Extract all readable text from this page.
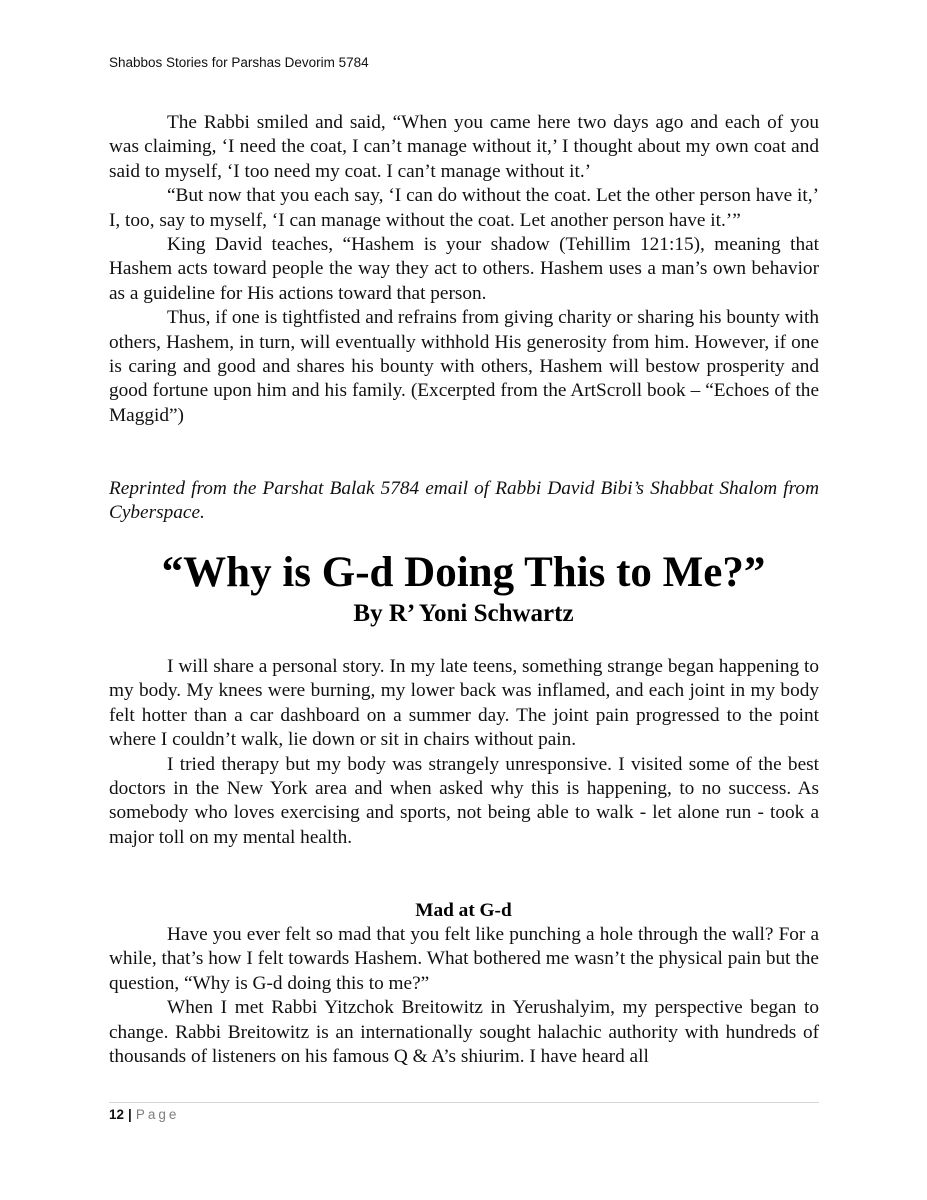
Shabbos Stories for Parshas Devorim 5784

The Rabbi smiled and said, “When you came here two days ago and each of you was claiming, ‘I need the coat, I can’t manage without it,’ I thought about my own coat and said to myself, ‘I too need my coat. I can’t manage without it.’

“But now that you each say, ‘I can do without the coat. Let the other person have it,’ I, too, say to myself, ‘I can manage without the coat. Let another person have it.’”

King David teaches, “Hashem is your shadow (Tehillim 121:15), meaning that Hashem acts toward people the way they act to others. Hashem uses a man’s own behavior as a guideline for His actions toward that person.

Thus, if one is tightfisted and refrains from giving charity or sharing his bounty with others, Hashem, in turn, will eventually withhold His generosity from him. However, if one is caring and good and shares his bounty with others, Hashem will bestow prosperity and good fortune upon him and his family. (Excerpted from the ArtScroll book – “Echoes of the Maggid”)

Reprinted from the Parshat Balak 5784 email of Rabbi David Bibi’s Shabbat Shalom from Cyberspace.
“Why is G-d Doing This to Me?”
By R’ Yoni Schwartz

I will share a personal story. In my late teens, something strange began happening to my body. My knees were burning, my lower back was inflamed, and each joint in my body felt hotter than a car dashboard on a summer day. The joint pain progressed to the point where I couldn’t walk, lie down or sit in chairs without pain.

I tried therapy but my body was strangely unresponsive. I visited some of the best doctors in the New York area and when asked why this is happening, to no success. As somebody who loves exercising and sports, not being able to walk - let alone run - took a major toll on my mental health.

Mad at G-d

Have you ever felt so mad that you felt like punching a hole through the wall? For a while, that’s how I felt towards Hashem. What bothered me wasn’t the physical pain but the question, “Why is G-d doing this to me?”

When I met Rabbi Yitzchok Breitowitz in Yerushalyim, my perspective began to change. Rabbi Breitowitz is an internationally sought halachic authority with hundreds of thousands of listeners on his famous Q & A’s shiurim. I have heard all

12 | Page
